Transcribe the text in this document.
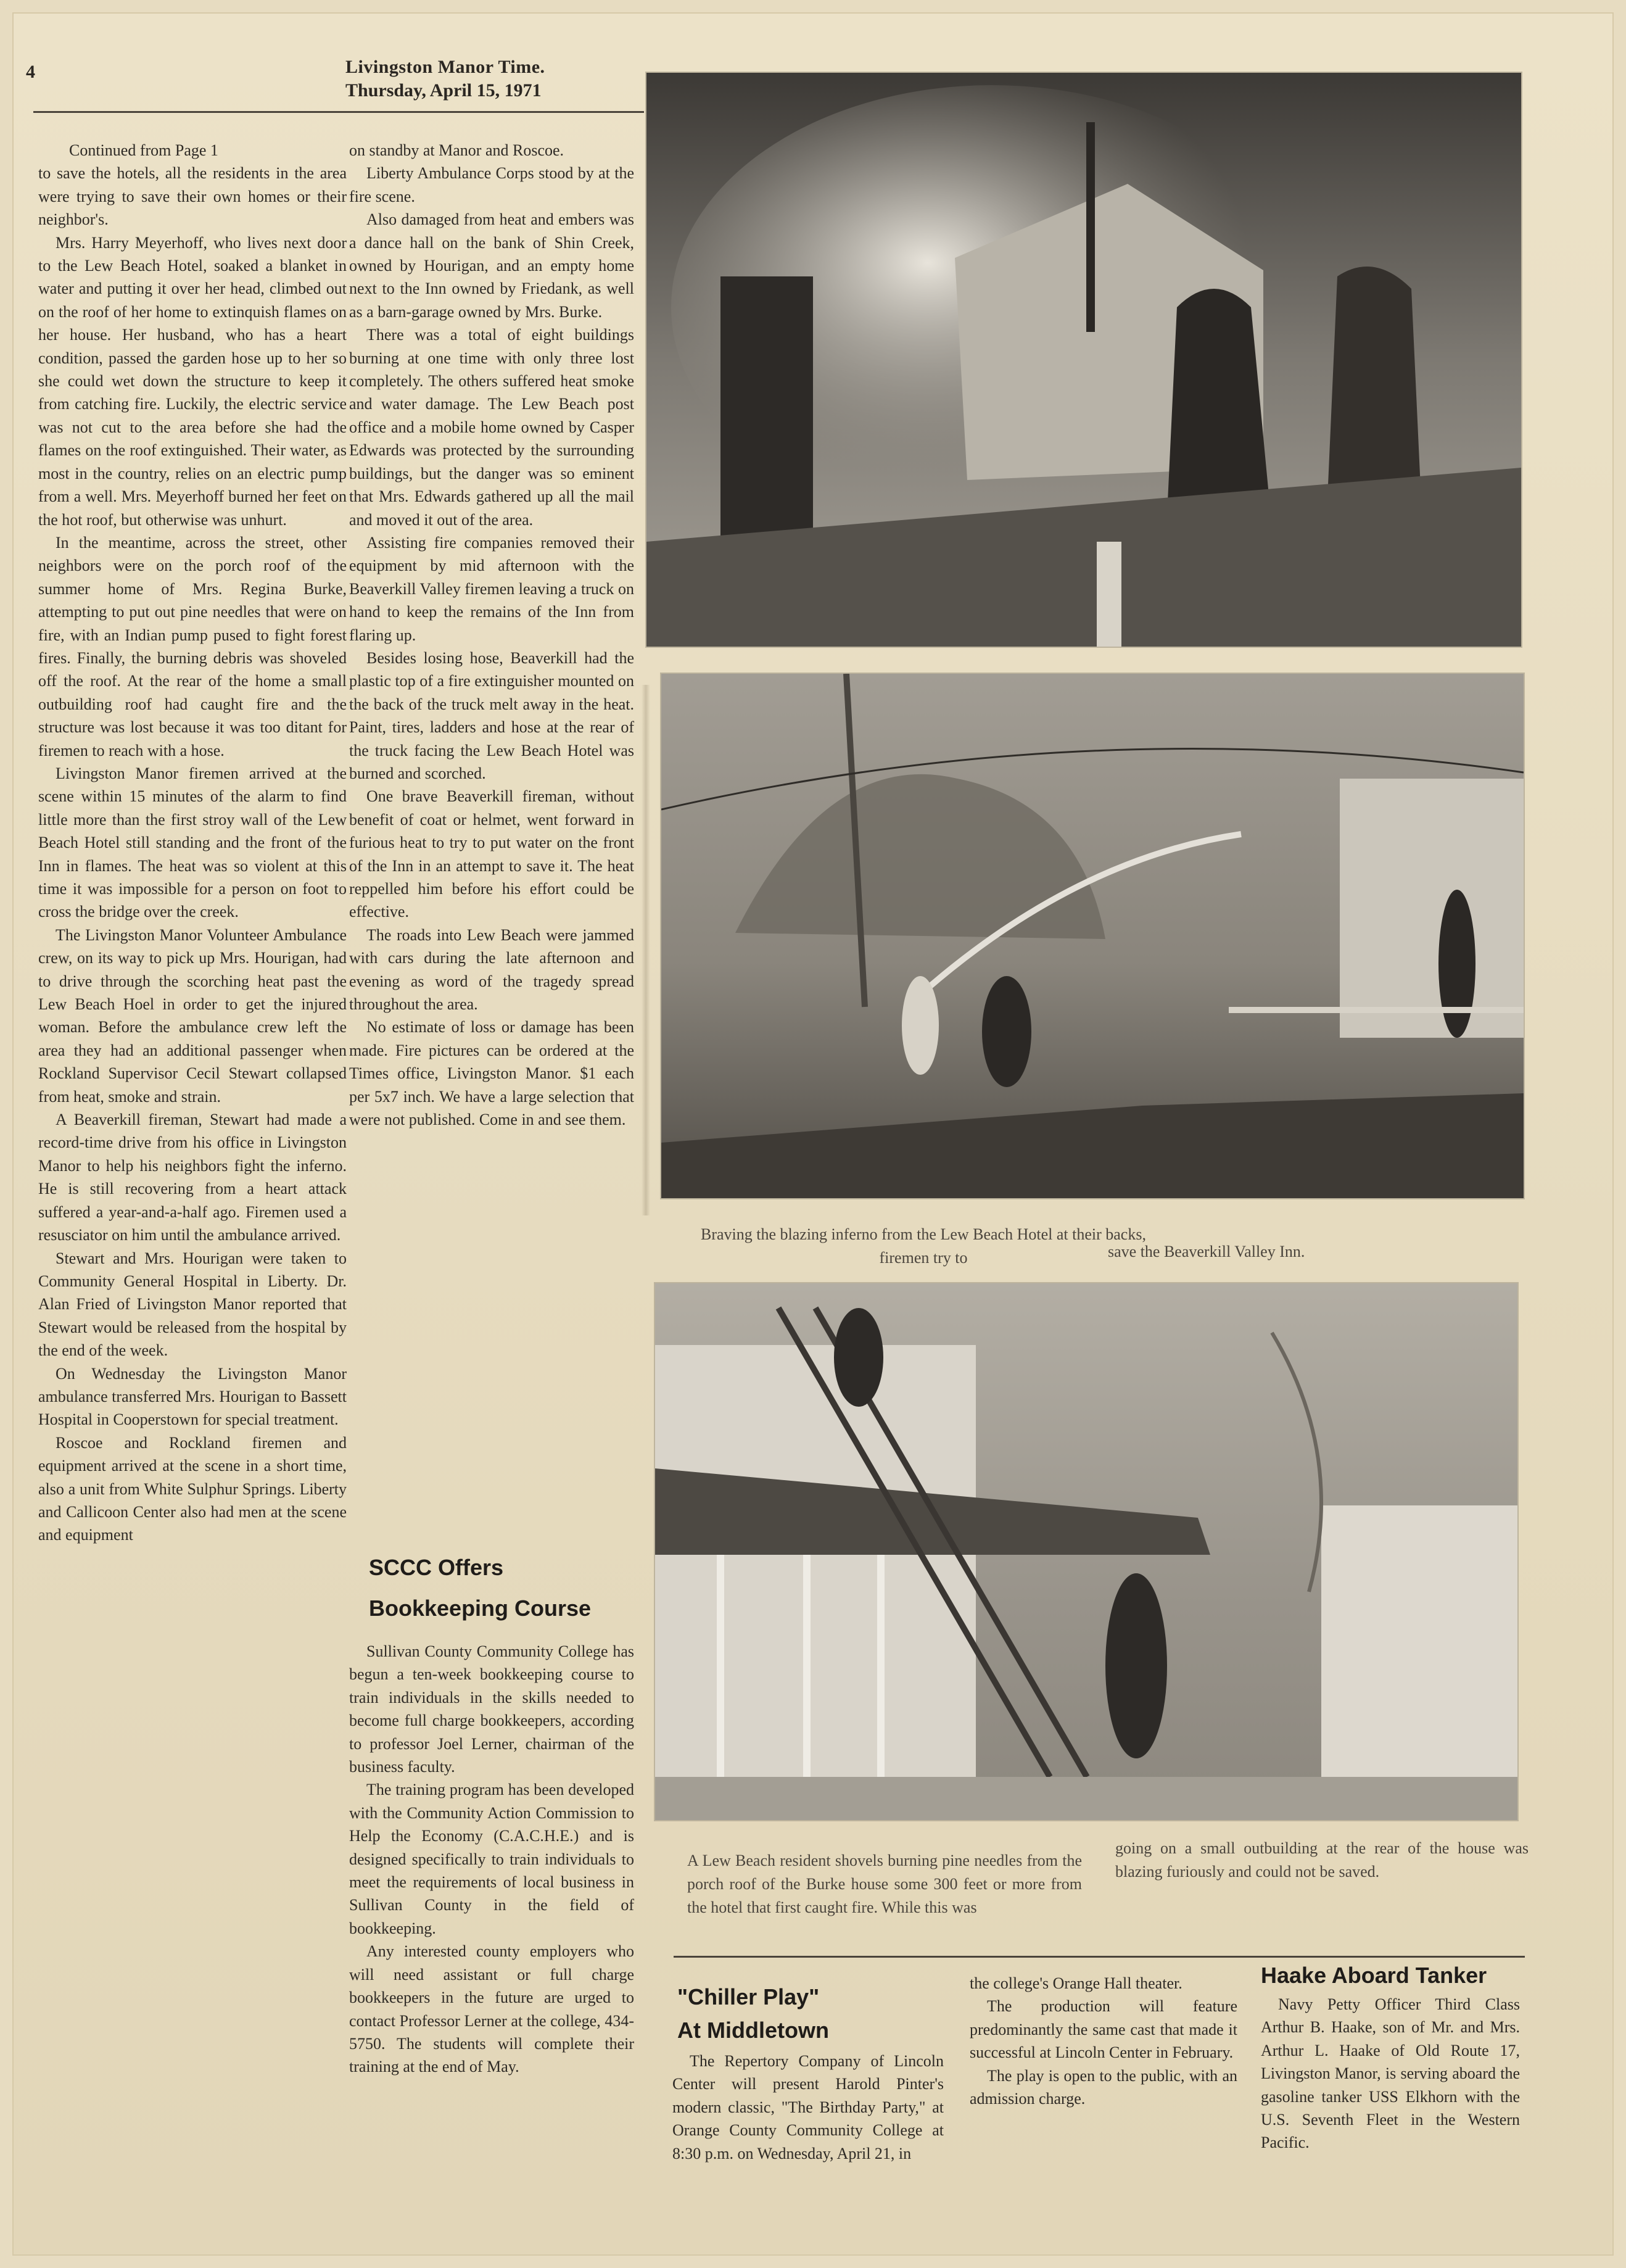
4	Livingston Manor Time.
Thursday, April 15, 1971

Continued from Page 1

to save the hotels, all the residents in the area were trying to save their own homes or their neighbor's.

Mrs. Harry Meyerhoff, who lives next door to the Lew Beach Hotel, soaked a blanket in water and putting it over her head, climbed out on the roof of her home to extinquish flames on her house. Her husband, who has a heart condition, passed the garden hose up to her so she could wet down the structure to keep it from catching fire. Luckily, the electric service was not cut to the area before she had the flames on the roof extinguished. Their water, as most in the country, relies on an electric pump from a well. Mrs. Meyerhoff burned her feet on the hot roof, but otherwise was unhurt.

In the meantime, across the street, other neighbors were on the porch roof of the summer home of Mrs. Regina Burke, attempting to put out pine needles that were on fire, with an Indian pump pused to fight forest fires. Finally, the burning debris was shoveled off the roof. At the rear of the home a small outbuilding roof had caught fire and the structure was lost because it was too ditant for firemen to reach with a hose.

Livingston Manor firemen arrived at the scene within 15 minutes of the alarm to find little more than the first stroy wall of the Lew Beach Hotel still standing and the front of the Inn in flames. The heat was so violent at this time it was impossible for a person on foot to cross the bridge over the creek.

The Livingston Manor Volunteer Ambulance crew, on its way to pick up Mrs. Hourigan, had to drive through the scorching heat past the Lew Beach Hoel in order to get the injured woman. Before the ambulance crew left the area they had an additional passenger when Rockland Supervisor Cecil Stewart collapsed from heat, smoke and strain.

A Beaverkill fireman, Stewart had made a record-time drive from his office in Livingston Manor to help his neighbors fight the inferno. He is still recovering from a heart attack suffered a year-and-a-half ago. Firemen used a resusciator on him until the ambulance arrived.

Stewart and Mrs. Hourigan were taken to Community General Hospital in Liberty. Dr. Alan Fried of Livingston Manor reported that Stewart would be released from the hospital by the end of the week.

On Wednesday the Livingston Manor ambulance transferred Mrs. Hourigan to Bassett Hospital in Cooperstown for special treatment.

Roscoe and Rockland firemen and equipment arrived at the scene in a short time, also a unit from White Sulphur Springs. Liberty and Callicoon Center also had men at the scene and equipment

on standby at Manor and Roscoe.

Liberty Ambulance Corps stood by at the fire scene.

Also damaged from heat and embers was a dance hall on the bank of Shin Creek, owned by Hourigan, and an empty home next to the Inn owned by Friedank, as well as a barn-garage owned by Mrs. Burke.

There was a total of eight buildings burning at one time with only three lost completely. The others suffered heat smoke and water damage. The Lew Beach post office and a mobile home owned by Casper Edwards was protected by the surrounding buildings, but the danger was so eminent that Mrs. Edwards gathered up all the mail and moved it out of the area.

Assisting fire companies removed their equipment by mid afternoon with the Beaverkill Valley firemen leaving a truck on hand to keep the remains of the Inn from flaring up.

Besides losing hose, Beaverkill had the plastic top of a fire extinguisher mounted on the back of the truck melt away in the heat. Paint, tires, ladders and hose at the rear of the truck facing the Lew Beach Hotel was burned and scorched.

One brave Beaverkill fireman, without benefit of coat or helmet, went forward in furious heat to try to put water on the front of the Inn in an attempt to save it. The heat reppelled him before his effort could be effective.

The roads into Lew Beach were jammed with cars during the late afternoon and evening as word of the tragedy spread throughout the area.

No estimate of loss or damage has been made. Fire pictures can be ordered at the Times office, Livingston Manor. $1 each per 5x7 inch. We have a large selection that were not published. Come in and see them.

SCCC Offers
Bookkeeping Course

Sullivan County Community College has begun a ten-week bookkeeping course to train individuals in the skills needed to become full charge bookkeepers, according to professor Joel Lerner, chairman of the business faculty.

The training program has been developed with the Community Action Commission to Help the Economy (C.A.C.H.E.) and is designed specifically to train individuals to meet the requirements of local business in Sullivan County in the field of bookkeeping.

Any interested county employers who will need assistant or full charge bookkeepers in the future are urged to contact Professor Lerner at the college, 434-5750. The students will complete their training at the end of May.

Braving the blazing inferno from the Lew Beach Hotel at their backs, firemen try to	save the Beaverkill Valley Inn.
A Lew Beach resident shovels burning pine needles from the porch roof of the Burke house some 300 feet or more from the hotel that first caught fire. While this was
going on a small outbuilding at the rear of the house was blazing furiously and could not be saved.
"Chiller Play"
At Middletown

The Repertory Company of Lincoln Center will present Harold Pinter's modern classic, "The Birthday Party," at Orange County Community College at 8:30 p.m. on Wednesday, April 21, in

the college's Orange Hall theater.

The production will feature predominantly the same cast that made it successful at Lincoln Center in February.

The play is open to the public, with an admission charge.

Haake Aboard Tanker

Navy Petty Officer Third Class Arthur B. Haake, son of Mr. and Mrs. Arthur L. Haake of Old Route 17, Livingston Manor, is serving aboard the gasoline tanker USS Elkhorn with the U.S. Seventh Fleet in the Western Pacific.
